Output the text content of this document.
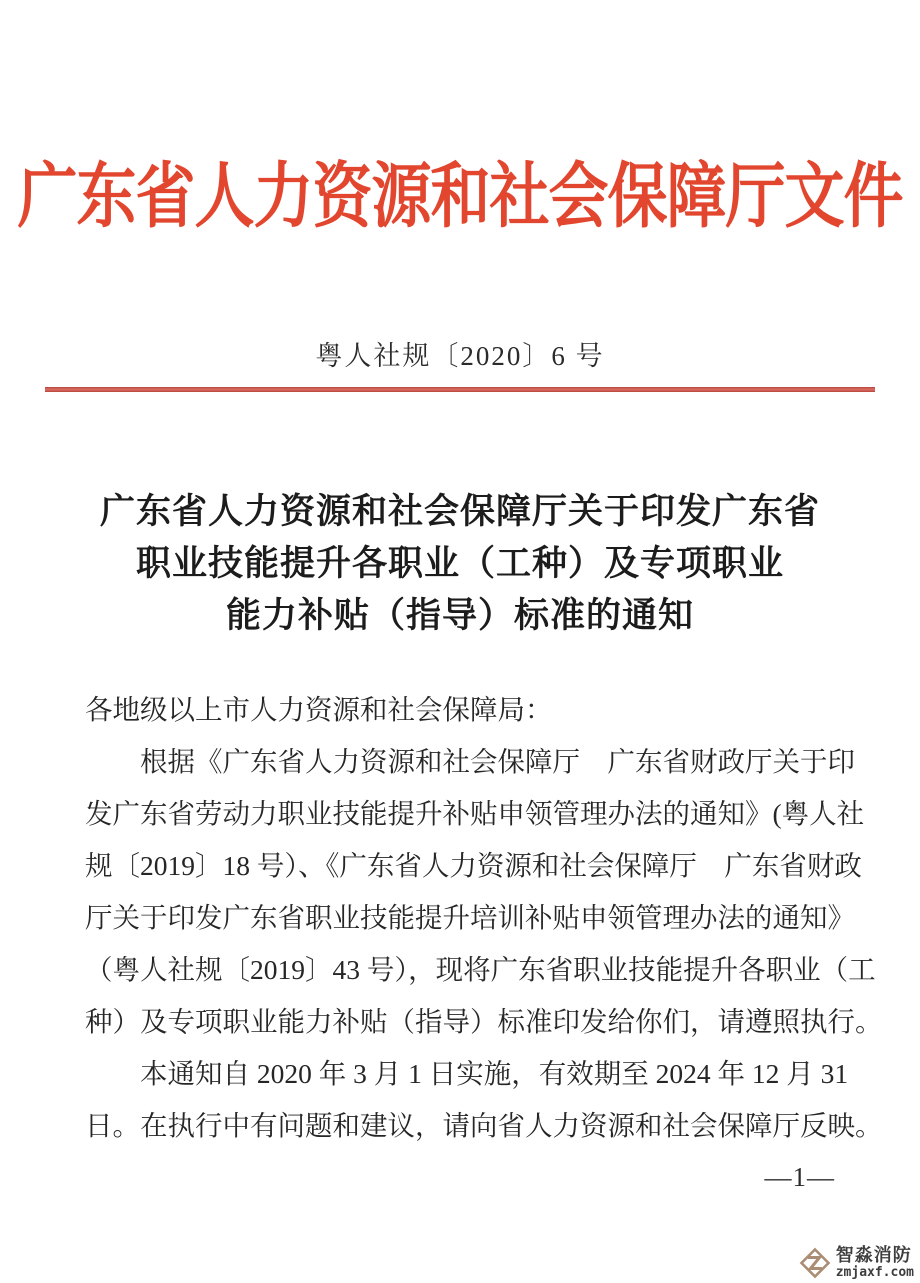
广东省人力资源和社会保障厅文件
粤人社规〔2020〕6 号
广东省人力资源和社会保障厅关于印发广东省
职业技能提升各职业（工种）及专项职业
能力补贴（指导）标准的通知
各地级以上市人力资源和社会保障局：
根据《广东省人力资源和社会保障厅　广东省财政厅关于印
发广东省劳动力职业技能提升补贴申领管理办法的通知》(粤人社
规〔2019〕18 号）、《广东省人力资源和社会保障厅　广东省财政
厅关于印发广东省职业技能提升培训补贴申领管理办法的通知》
（粤人社规〔2019〕43 号），现将广东省职业技能提升各职业（工
种）及专项职业能力补贴（指导）标准印发给你们，请遵照执行。
本通知自 2020 年 3 月 1 日实施，有效期至 2024 年 12 月 31
日。在执行中有问题和建议，请向省人力资源和社会保障厅反映。
—1—
智淼消防
zmjaxf.com
